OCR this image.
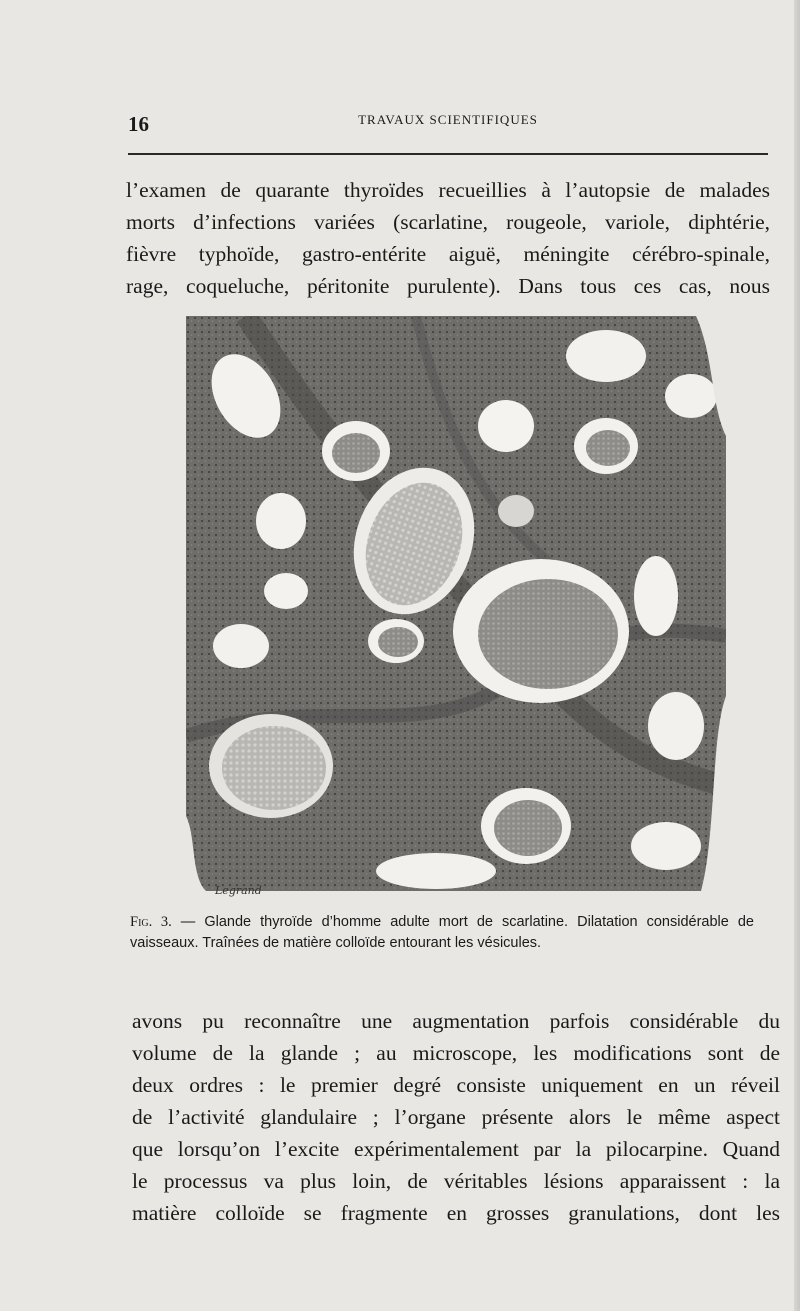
16	TRAVAUX SCIENTIFIQUES
l’examen de quarante thyroïdes recueillies à l’autopsie de malades
morts d’infections variées (scarlatine, rougeole, variole, diphtérie,
fièvre typhoïde, gastro-entérite aiguë, méningite cérébro-spinale,
rage, coqueluche, péritonite purulente). Dans tous ces cas, nous
Legrand
Fig. 3. — Glande thyroïde d’homme adulte mort de scarlatine. Dilatation considérable de vaisseaux. Traînées de matière colloïde entourant les vésicules.
avons pu reconnaître une augmentation parfois considérable du
volume de la glande ; au microscope, les modifications sont de
deux ordres : le premier degré consiste uniquement en un réveil
de l’activité glandulaire ; l’organe présente alors le même aspect
que lorsqu’on l’excite expérimentalement par la pilocarpine. Quand
le processus va plus loin, de véritables lésions apparaissent : la
matière colloïde se fragmente en grosses granulations, dont les
